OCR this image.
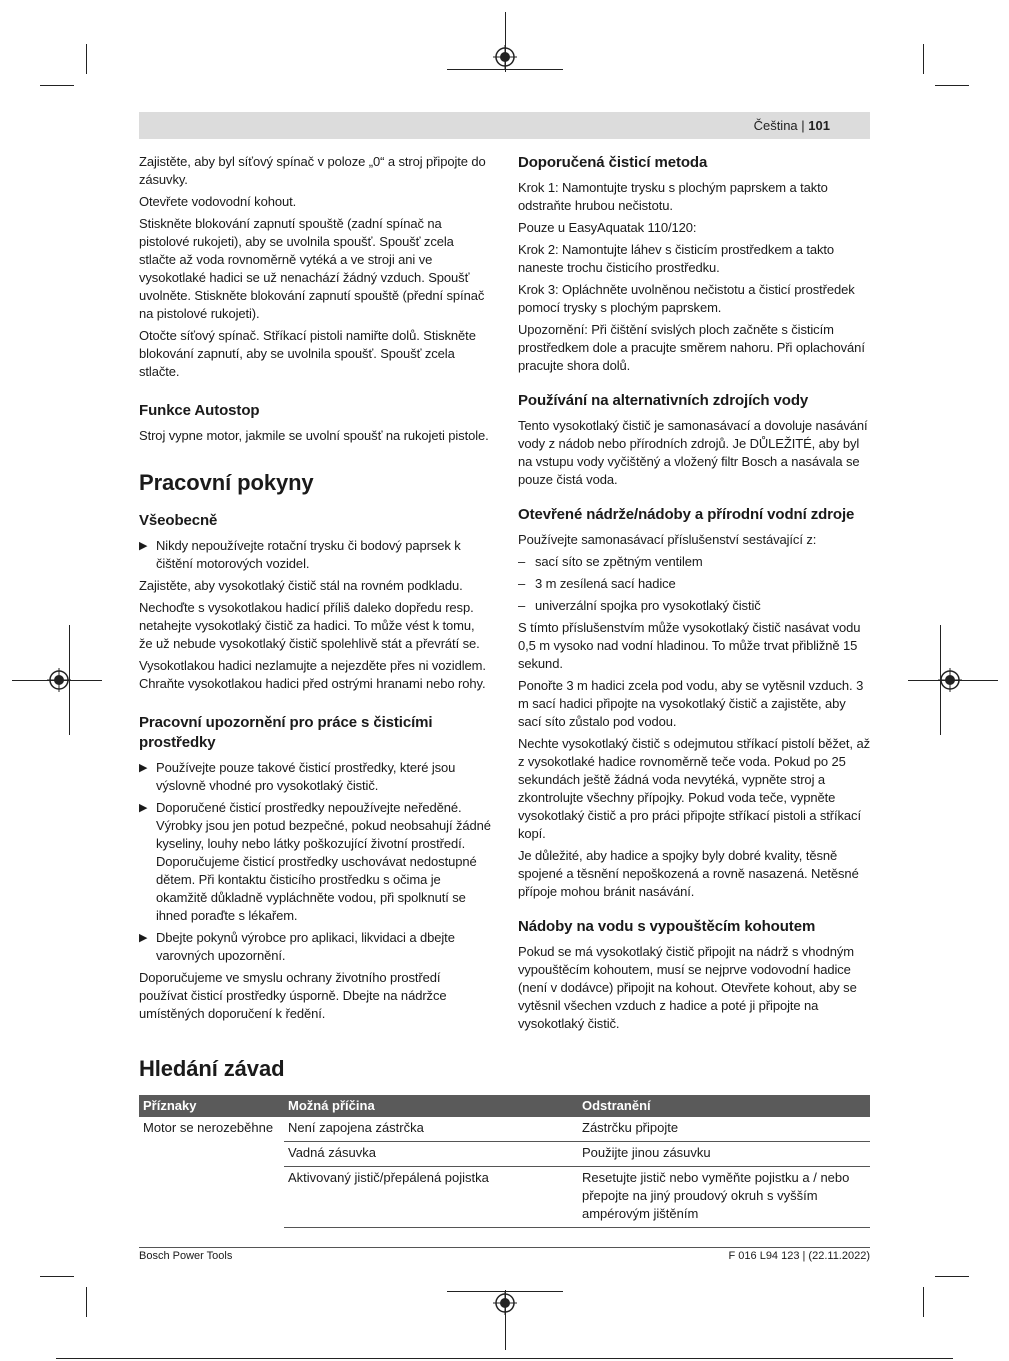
Čeština | 101

Zajistěte, aby byl síťový spínač v poloze „0“ a stroj připojte do zásuvky.

Otevřete vodovodní kohout.

Stiskněte blokování zapnutí spouště (zadní spínač na pistolové rukojeti), aby se uvolnila spoušť. Spoušť zcela stlačte až voda rovnoměrně vytéká a ve stroji ani ve vysokotlaké hadici se už nenachází žádný vzduch. Spoušť uvolněte. Stiskněte blokování zapnutí spouště (přední spínač na pistolové rukojeti).

Otočte síťový spínač. Stříkací pistoli namiřte dolů. Stiskněte blokování zapnutí, aby se uvolnila spoušť. Spoušť zcela stlačte.

Funkce Autostop

Stroj vypne motor, jakmile se uvolní spoušť na rukojeti pistole.

Pracovní pokyny
Všeobecně
▶ Nikdy nepoužívejte rotační trysku či bodový paprsek k čištění motorových vozidel.

Zajistěte, aby vysokotlaký čistič stál na rovném podkladu.

Nechoďte s vysokotlakou hadicí příliš daleko dopředu resp. netahejte vysokotlaký čistič za hadici. To může vést k tomu, že už nebude vysokotlaký čistič spolehlivě stát a převrátí se.

Vysokotlakou hadici nezlamujte a nejezděte přes ni vozidlem. Chraňte vysokotlakou hadici před ostrými hranami nebo rohy.

Pracovní upozornění pro práce s čisticími prostředky
▶ Používejte pouze takové čisticí prostředky, které jsou výslovně vhodné pro vysokotlaký čistič.
▶ Doporučené čisticí prostředky nepoužívejte neředěné. Výrobky jsou jen potud bezpečné, pokud neobsahují žádné kyseliny, louhy nebo látky poškozující životní prostředí. Doporučujeme čisticí prostředky uschovávat nedostupné dětem. Při kontaktu čisticího prostředku s očima je okamžitě důkladně vypláchněte vodou, při spolknutí se ihned poraďte s lékařem.
▶ Dbejte pokynů výrobce pro aplikaci, likvidaci a dbejte varovných upozornění.

Doporučujeme ve smyslu ochrany životního prostředí používat čisticí prostředky úsporně. Dbejte na nádržce umístěných doporučení k ředění.

Doporučená čisticí metoda

Krok 1: Namontujte trysku s plochým paprskem a takto odstraňte hrubou nečistotu.

Pouze u EasyAquatak 110/120:

Krok 2: Namontujte láhev s čisticím prostředkem a takto naneste trochu čisticího prostředku.

Krok 3: Opláchněte uvolněnou nečistotu a čisticí prostředek pomocí trysky s plochým paprskem.

Upozornění: Při čištění svislých ploch začněte s čisticím prostředkem dole a pracujte směrem nahoru. Při oplachování pracujte shora dolů.

Používání na alternativních zdrojích vody

Tento vysokotlaký čistič je samonasávací a dovoluje nasávání vody z nádob nebo přírodních zdrojů. Je DŮLEŽITÉ, aby byl na vstupu vody vyčištěný a vložený filtr Bosch a nasávala se pouze čistá voda.

Otevřené nádrže/nádoby a přírodní vodní zdroje

Používejte samonasávací příslušenství sestávající z:

– sací síto se zpětným ventilem
– 3 m zesílená sací hadice
– univerzální spojka pro vysokotlaký čistič

S tímto příslušenstvím může vysokotlaký čistič nasávat vodu 0,5 m vysoko nad vodní hladinou. To může trvat přibližně 15 sekund.

Ponořte 3 m hadici zcela pod vodu, aby se vytěsnil vzduch. 3 m sací hadici připojte na vysokotlaký čistič a zajistěte, aby sací síto zůstalo pod vodou.

Nechte vysokotlaký čistič s odejmutou stříkací pistolí běžet, až z vysokotlaké hadice rovnoměrně teče voda. Pokud po 25 sekundách ještě žádná voda nevytéká, vypněte stroj a zkontrolujte všechny přípojky. Pokud voda teče, vypněte vysokotlaký čistič a pro práci připojte stříkací pistoli a stříkací kopí.

Je důležité, aby hadice a spojky byly dobré kvality, těsně spojené a těsnění nepoškozená a rovně nasazená. Netěsné přípoje mohou bránit nasávání.

Nádoby na vodu s vypouštěcím kohoutem

Pokud se má vysokotlaký čistič připojit na nádrž s vhodným vypouštěcím kohoutem, musí se nejprve vodovodní hadice (není v dodávce) připojit na kohout. Otevřete kohout, aby se vytěsnil všechen vzduch z hadice a poté ji připojte na vysokotlaký čistič.

Hledání závad
Příznaky	Možná příčina	Odstranění
Motor se nerozeběhne	Není zapojena zástrčka	Zástrčku připojte
	Vadná zásuvka	Použijte jinou zásuvku
	Aktivovaný jistič/přepálená pojistka	Resetujte jistič nebo vyměňte pojistku a / nebo přepojte na jiný proudový okruh s vyšším ampérovým jištěním
Bosch Power Tools	F 016 L94 123 | (22.11.2022)
